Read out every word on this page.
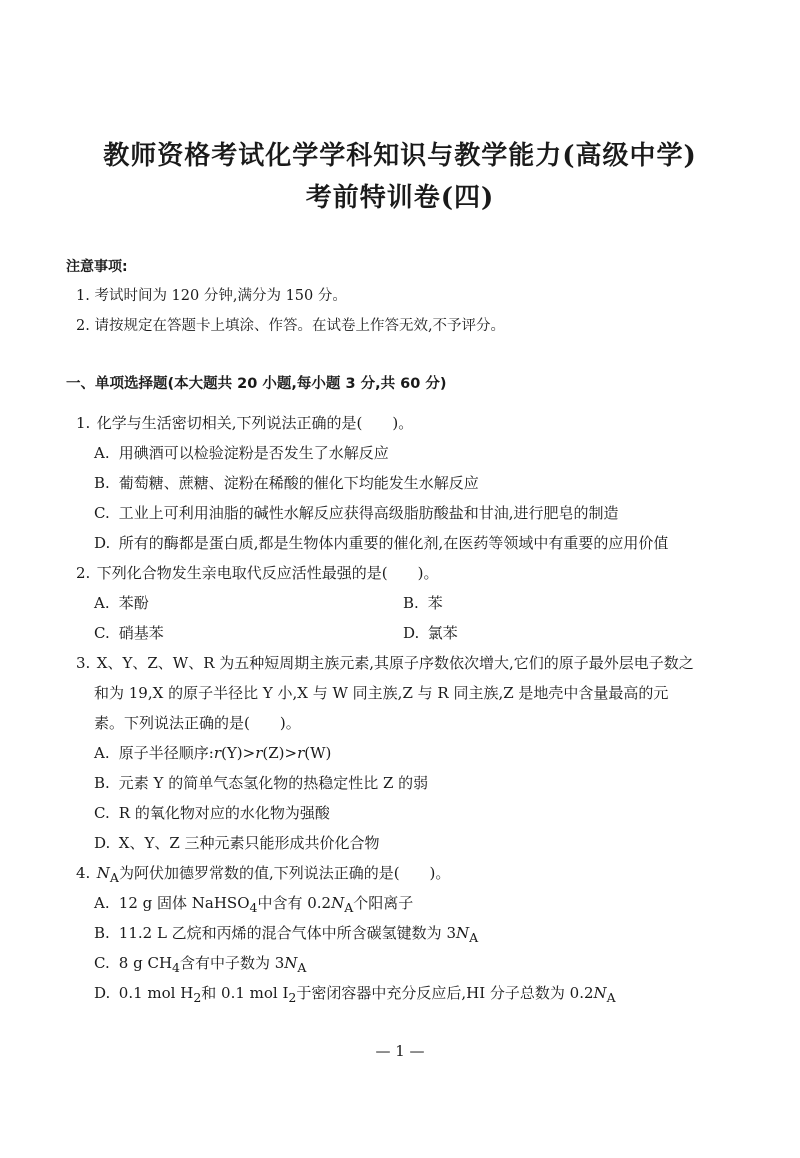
教师资格考试化学学科知识与教学能力(高级中学)
考前特训卷(四)
注意事项:
1. 考试时间为 120 分钟,满分为 150 分。
2. 请按规定在答题卡上填涂、作答。在试卷上作答无效,不予评分。
一、单项选择题(本大题共 20 小题,每小题 3 分,共 60 分)
1. 化学与生活密切相关,下列说法正确的是(　　)。
A. 用碘酒可以检验淀粉是否发生了水解反应
B. 葡萄糖、蔗糖、淀粉在稀酸的催化下均能发生水解反应
C. 工业上可利用油脂的碱性水解反应获得高级脂肪酸盐和甘油,进行肥皂的制造
D. 所有的酶都是蛋白质,都是生物体内重要的催化剂,在医药等领域中有重要的应用价值
2. 下列化合物发生亲电取代反应活性最强的是(　　)。
A. 苯酚	B. 苯
C. 硝基苯	D. 氯苯
3. X、Y、Z、W、R 为五种短周期主族元素,其原子序数依次增大,它们的原子最外层电子数之
和为 19,X 的原子半径比 Y 小,X 与 W 同主族,Z 与 R 同主族,Z 是地壳中含量最高的元
素。下列说法正确的是(　　)。
A. 原子半径顺序:r(Y)>r(Z)>r(W)
B. 元素 Y 的简单气态氢化物的热稳定性比 Z 的弱
C. R 的氧化物对应的水化物为强酸
D. X、Y、Z 三种元素只能形成共价化合物
4. $N_A$为阿伏加德罗常数的值,下列说法正确的是(　　)。
A. 12 g 固体 NaHSO$_4$中含有 $0.2N_A$个阳离子
B. 11.2 L 乙烷和丙烯的混合气体中所含碳氢键数为 $3N_A$
C. 8 g $CH_4$含有中子数为 $3N_A$
D. 0.1 mol $H_2$和 0.1 mol $I_2$于密闭容器中充分反应后,HI 分子总数为 $0.2N_A$
— 1 —
